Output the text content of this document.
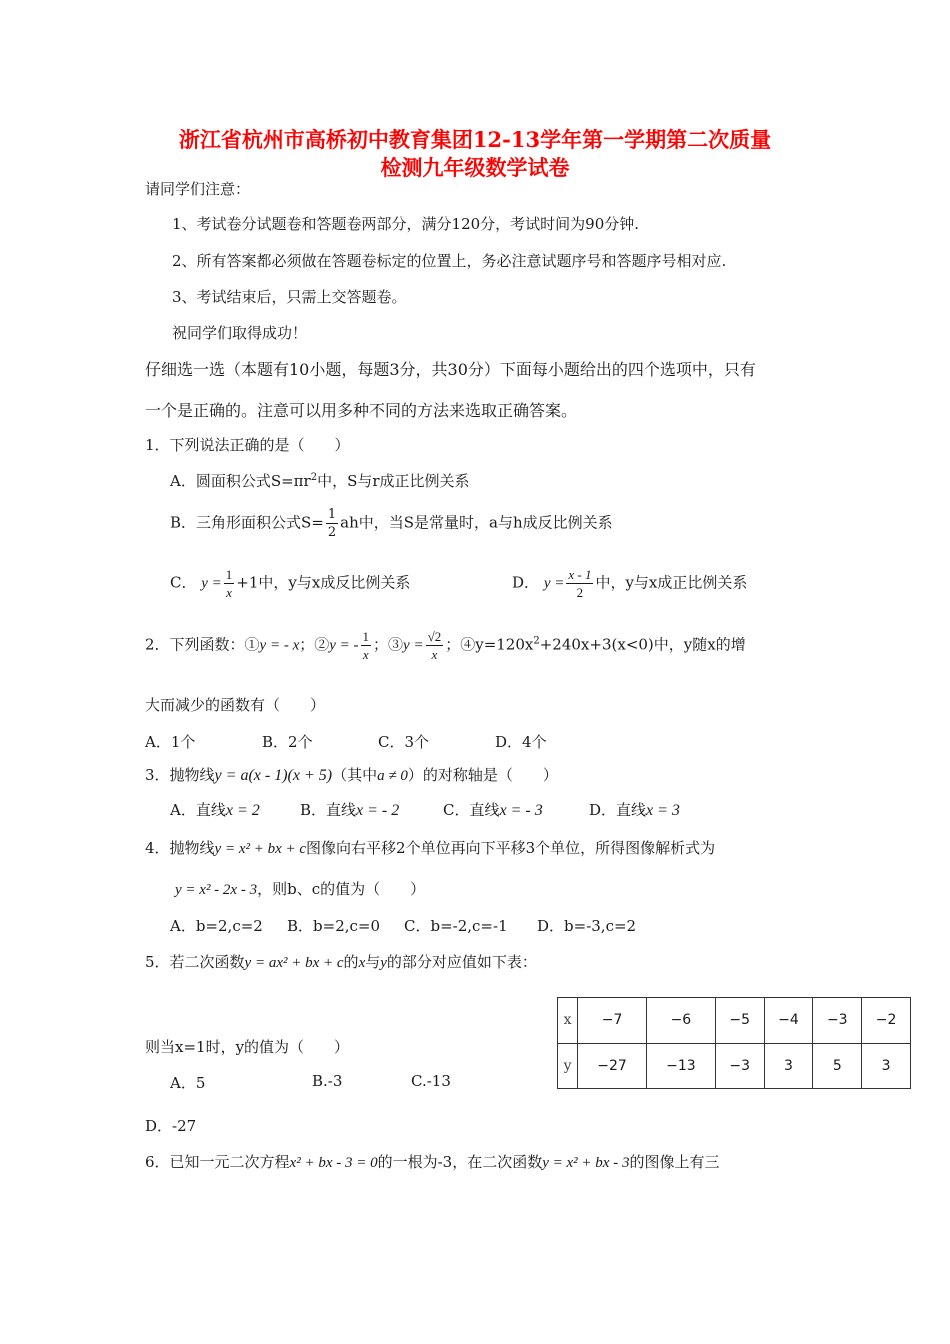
浙江省杭州市高桥初中教育集团12-13学年第一学期第二次质量
检测九年级数学试卷
请同学们注意：
1、考试卷分试题卷和答题卷两部分，满分120分，考试时间为90分钟.
2、所有答案都必须做在答题卷标定的位置上，务必注意试题序号和答题序号相对应.
3、考试结束后，只需上交答题卷。
祝同学们取得成功！
仔细选一选（本题有10小题，每题3分，共30分）下面每小题给出的四个选项中，只有
一个是正确的。注意可以用多种不同的方法来选取正确答案。
1．下列说法正确的是（　　）
A．圆面积公式$S=\pi r^2$中，S与r成正比例关系
B．三角形面积公式$S= \frac{1}{2}$ ah中，当S是常量时，a与h成反比例关系
C． $y = \frac{1}{x} +1$中，y与x成反比例关系	D． $y = \frac{x - 1}{2}$ 中，y与x成正比例关系
2．下列函数：①y = - x；②y = - $\frac{1}{x}$ ；③y = $\frac{√2}{x}$ ；$④y=120x^2+240x+3(x<0)$中，y随x的增
大而减少的函数有（　　）
A．1个	B．2个	C．3个	D．4个
3．抛物线y = a(x - 1)(x + 5)（其中a ≠ 0）的对称轴是（　　）
A．直线x = 2	B．直线x = - 2	C．直线x = - 3	D．直线x = 3
4．抛物线y = x² + bx + c图像向右平移2个单位再向下平移3个单位，所得图像解析式为
y = x² - 2x - 3，则b、c的值为（　　）
A．b=2,c=2 B．b=2,c=0 C．b=-2,c=-1 D．b=-3,c=2
5．若二次函数y = ax² + bx + c的x与y的部分对应值如下表：
x	−7	−6	−5	−4	−3	−2
y	−27	−13	−3	3	5	3
则当x=1时，y的值为（　　）
A．5	B.-3	C.-13
D．-27
6．已知一元二次方程x² + bx - 3 = 0的一根为-3，在二次函数y = x² + bx - 3的图像上有三
